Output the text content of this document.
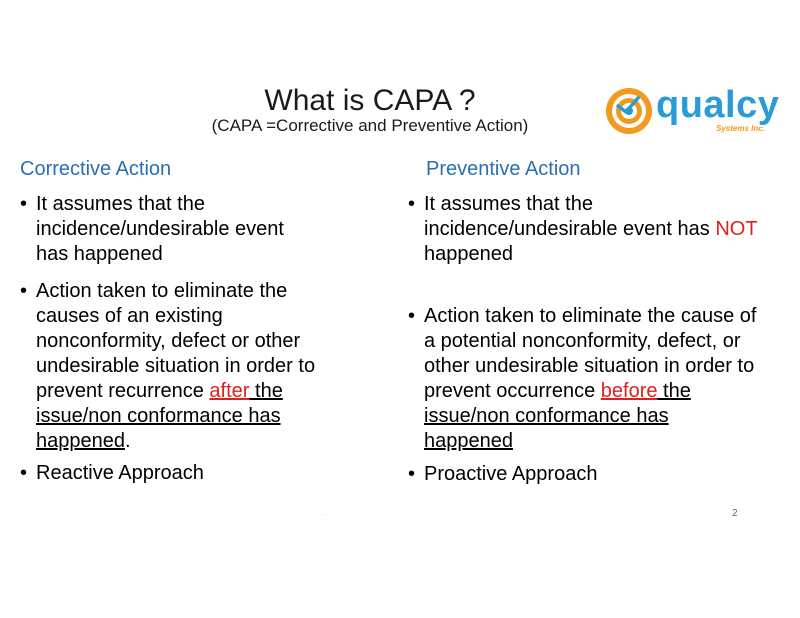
What is CAPA ?
(CAPA =Corrective and Preventive Action)	qualcy
Systems Inc.
Corrective Action	Preventive Action
• It assumes that the incidence/undesirable event has happened
• Action taken to eliminate the causes of an existing nonconformity, defect or other undesirable situation in order to prevent recurrence after the issue/non conformance has happened.
• Reactive Approach
• It assumes that the incidence/undesirable event has NOT happened
• Action taken to eliminate the cause of a potential nonconformity, defect, or other undesirable situation in order to prevent occurrence before the issue/non conformance has happened
• Proactive Approach
.	2
